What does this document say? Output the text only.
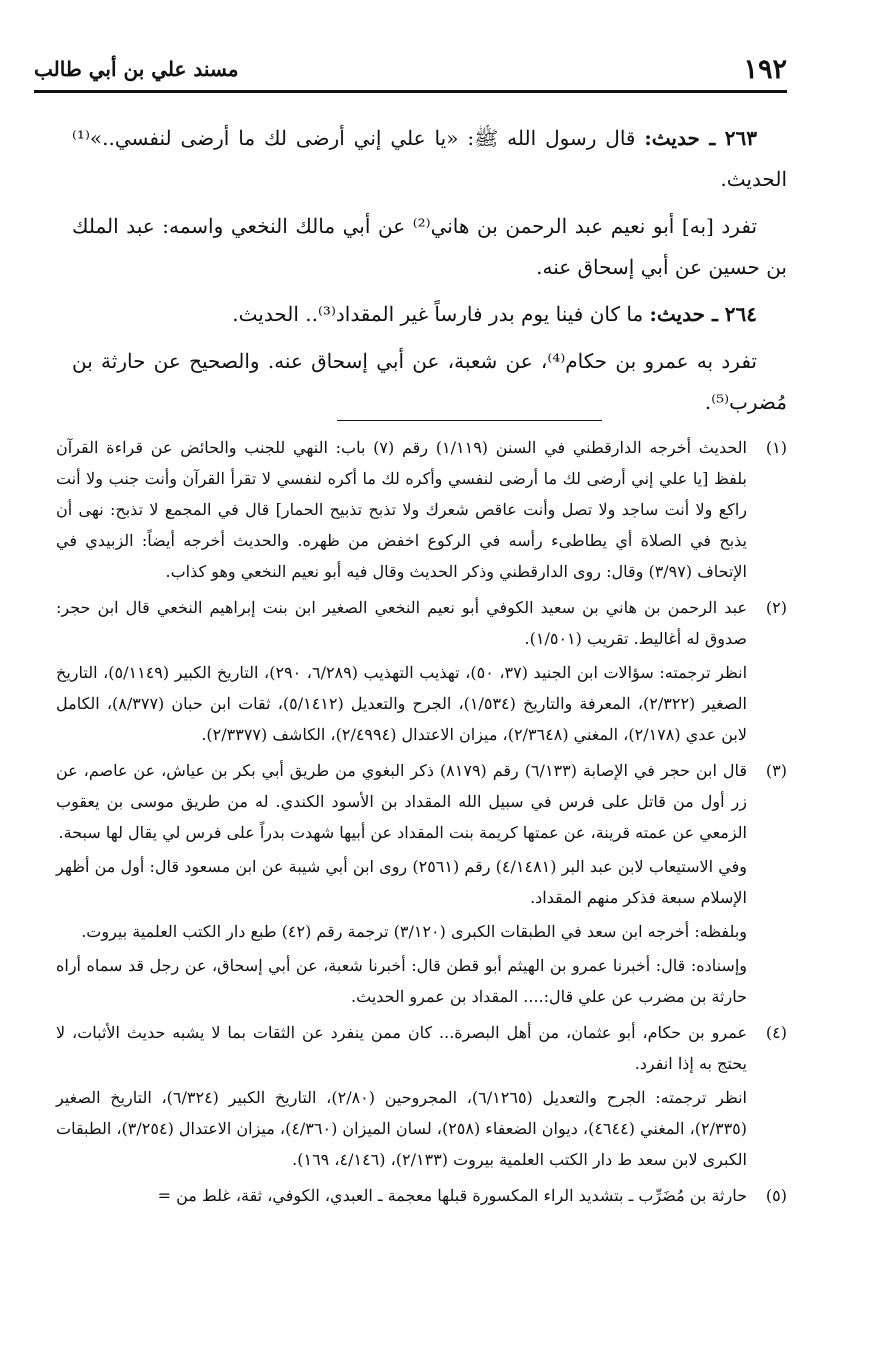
١٩٢
مسند علي بن أبي طالب

٢٦٣ ـ حديث: قال رسول الله ﷺ: «يا علي إني أرضى لك ما أرضى لنفسي..»⁽¹⁾ الحديث.

تفرد [به] أبو نعيم عبد الرحمن بن هاني⁽²⁾ عن أبي مالك النخعي واسمه: عبد الملك بن حسين عن أبي إسحاق عنه.

٢٦٤ ـ حديث: ما كان فينا يوم بدر فارساً غير المقداد⁽³⁾.. الحديث.

تفرد به عمرو بن حكام⁽⁴⁾، عن شعبة، عن أبي إسحاق عنه. والصحيح عن حارثة بن مُضرب⁽⁵⁾.

(١)

الحديث أخرجه الدارقطني في السنن (١/١١٩) رقم (٧) باب: النهي للجنب والحائض عن قراءة القرآن بلفظ [يا علي إني أرضى لك ما أرضى لنفسي وأكره لك ما أكره لنفسي لا تقرأ القرآن وأنت جنب ولا أنت راكع ولا أنت ساجد ولا تصل وأنت عاقص شعرك ولا تذبح تذبيح الحمار] قال في المجمع لا تذبح: نهى أن يذبح في الصلاة أي يطاطىء رأسه في الركوع اخفض من ظهره. والحديث أخرجه أيضاً: الزبيدي في الإتحاف (٣/٩٧) وقال: روى الدارقطني وذكر الحديث وقال فيه أبو نعيم النخعي وهو كذاب.

(٢)

عبد الرحمن بن هاني بن سعيد الكوفي أبو نعيم النخعي الصغير ابن بنت إبراهيم النخعي قال ابن حجر: صدوق له أغاليط. تقريب (١/٥٠١).

انظر ترجمته: سؤالات ابن الجنيد (٣٧، ٥٠)، تهذيب التهذيب (٦/٢٨٩، ٢٩٠)، التاريخ الكبير (٥/١١٤٩)، التاريخ الصغير (٢/٣٢٢)، المعرفة والتاريخ (١/٥٣٤)، الجرح والتعديل (٥/١٤١٢)، ثقات ابن حبان (٨/٣٧٧)، الكامل لابن عدي (٢/١٧٨)، المغني (٢/٣٦٤٨)، ميزان الاعتدال (٢/٤٩٩٤)، الكاشف (٢/٣٣٧٧).

(٣)

قال ابن حجر في الإصابة (٦/١٣٣) رقم (٨١٧٩) ذكر البغوي من طريق أبي بكر بن عياش، عن عاصم، عن زر أول من قاتل على فرس في سبيل الله المقداد بن الأسود الكندي. له من طريق موسى بن يعقوب الزمعي عن عمته قرينة، عن عمتها كريمة بنت المقداد عن أبيها شهدت بدراً على فرس لي يقال لها سبحة.

وفي الاستيعاب لابن عبد البر (٤/١٤٨١) رقم (٢٥٦١) روى ابن أبي شيبة عن ابن مسعود قال: أول من أظهر الإسلام سبعة فذكر منهم المقداد.

وبلفظه: أخرجه ابن سعد في الطبقات الكبرى (٣/١٢٠) ترجمة رقم (٤٢) طبع دار الكتب العلمية بيروت.

وإسناده: قال: أخبرنا عمرو بن الهيثم أبو قطن قال: أخبرنا شعبة، عن أبي إسحاق، عن رجل قد سماه أراه حارثة بن مضرب عن علي قال:.... المقداد بن عمرو الحديث.

(٤)

عمرو بن حكام، أبو عثمان، من أهل البصرة... كان ممن ينفرد عن الثقات بما لا يشبه حديث الأثبات، لا يحتج به إذا انفرد.

انظر ترجمته: الجرح والتعديل (٦/١٢٦٥)، المجروحين (٢/٨٠)، التاريخ الكبير (٦/٣٢٤)، التاريخ الصغير (٢/٣٣٥)، المغني (٤٦٤٤)، ديوان الضعفاء (٢٥٨)، لسان الميزان (٤/٣٦٠)، ميزان الاعتدال (٣/٢٥٤)، الطبقات الكبرى لابن سعد ط دار الكتب العلمية بيروت (٢/١٣٣)، (٤/١٤٦، ١٦٩).

(٥)

حارثة بن مُضَرِّب ـ بتشديد الراء المكسورة قبلها معجمة ـ العبدي، الكوفي، ثقة، غلط من =
